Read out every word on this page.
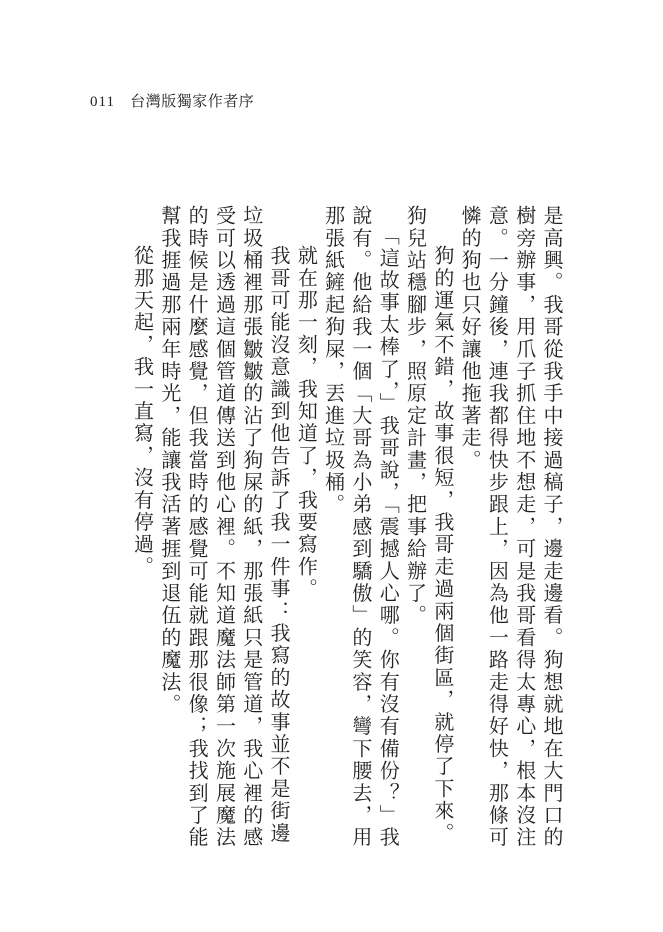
011 台灣版獨家作者序

是高興。我哥從我手中接過稿子，邊走邊看。狗想就地在大門口的樹旁辦事，用爪子抓住地不想走，可是我哥看得太專心，根本沒注意。一分鐘後，連我都得快步跟上，因為他一路走得好快，那條可憐的狗也只好讓他拖著走。

狗的運氣不錯，故事很短，我哥走過兩個街區，就停了下來。狗兒站穩腳步，照原定計畫，把事給辦了。

「這故事太棒了，」我哥說，「震撼人心哪。你有沒有備份？」我說有。他給我一個「大哥為小弟感到驕傲」的笑容，彎下腰去，用那張紙鏟起狗屎，丟進垃圾桶。

就在那一刻，我知道了，我要寫作。

我哥可能沒意識到他告訴了我一件事：我寫的故事並不是街邊垃圾桶裡那張皺皺的沾了狗屎的紙，那張紙只是管道，我心裡的感受可以透過這個管道傳送到他心裡。不知道魔法師第一次施展魔法的時候是什麼感覺，但我當時的感覺可能就跟那很像；我找到了能幫我捱過那兩年時光，能讓我活著捱到退伍的魔法。

從那天起，我一直寫，沒有停過。
